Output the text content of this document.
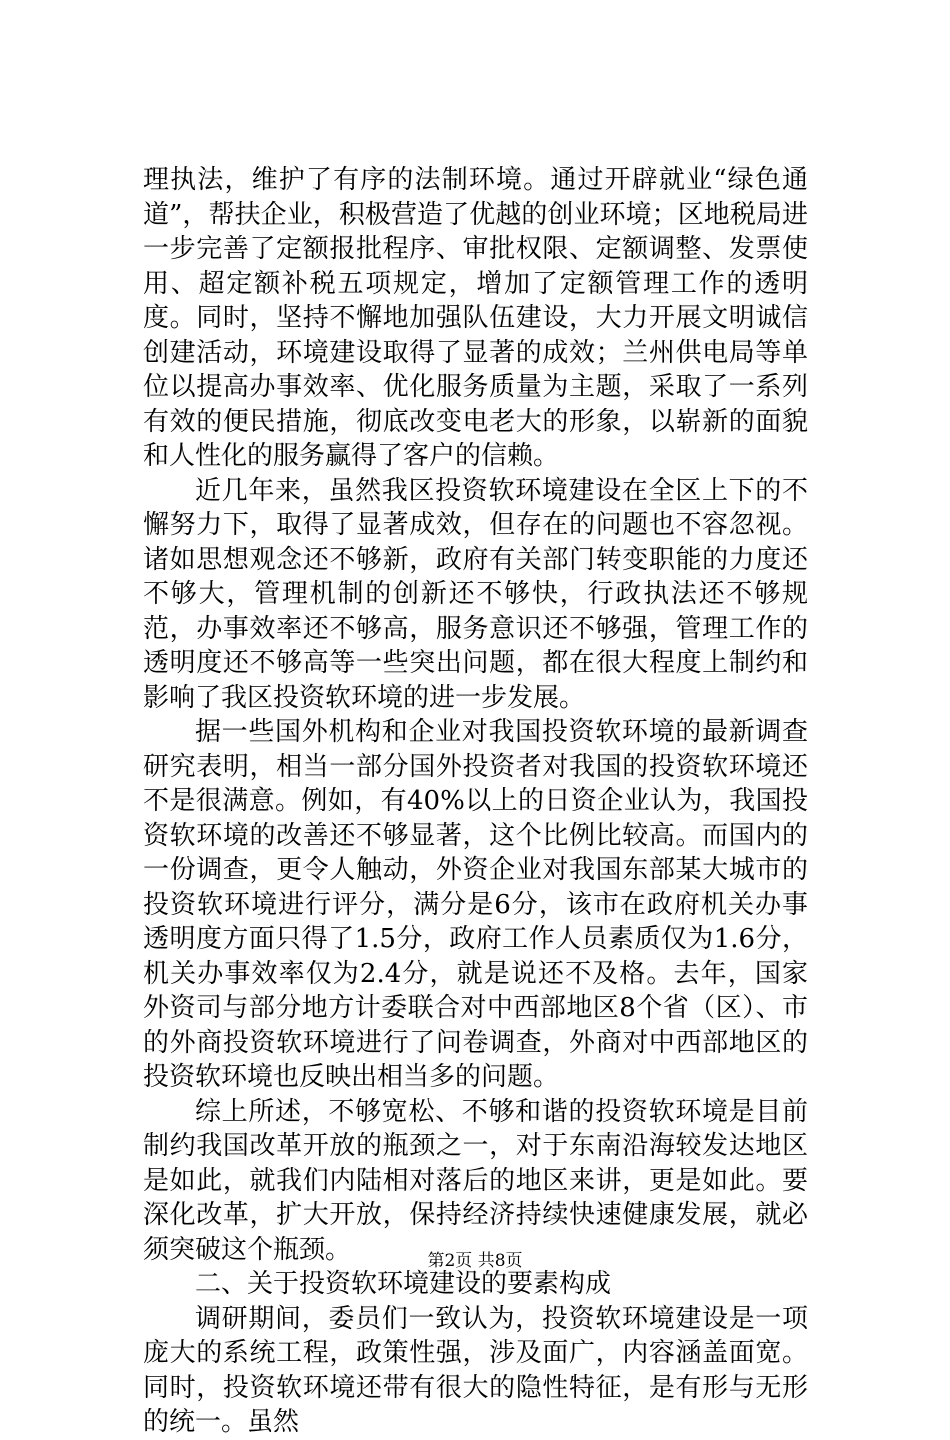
理执法，维护了有序的法制环境。通过开辟就业“绿色通道”，帮扶企业，积极营造了优越的创业环境；区地税局进一步完善了定额报批程序、审批权限、定额调整、发票使用、超定额补税五项规定，增加了定额管理工作的透明度。同时，坚持不懈地加强队伍建设，大力开展文明诚信创建活动，环境建设取得了显著的成效；兰州供电局等单位以提高办事效率、优化服务质量为主题，采取了一系列有效的便民措施，彻底改变电老大的形象，以崭新的面貌和人性化的服务赢得了客户的信赖。

近几年来，虽然我区投资软环境建设在全区上下的不懈努力下，取得了显著成效，但存在的问题也不容忽视。诸如思想观念还不够新，政府有关部门转变职能的力度还不够大，管理机制的创新还不够快，行政执法还不够规范，办事效率还不够高，服务意识还不够强，管理工作的透明度还不够高等一些突出问题，都在很大程度上制约和影响了我区投资软环境的进一步发展。

据一些国外机构和企业对我国投资软环境的最新调查研究表明，相当一部分国外投资者对我国的投资软环境还不是很满意。例如，有40%以上的日资企业认为，我国投资软环境的改善还不够显著，这个比例比较高。而国内的一份调查，更令人触动，外资企业对我国东部某大城市的投资软环境进行评分，满分是6分，该市在政府机关办事透明度方面只得了1.5分，政府工作人员素质仅为1.6分，机关办事效率仅为2.4分，就是说还不及格。去年，国家外资司与部分地方计委联合对中西部地区8个省（区）、市的外商投资软环境进行了问卷调查，外商对中西部地区的投资软环境也反映出相当多的问题。

综上所述，不够宽松、不够和谐的投资软环境是目前制约我国改革开放的瓶颈之一，对于东南沿海较发达地区是如此，就我们内陆相对落后的地区来讲，更是如此。要深化改革，扩大开放，保持经济持续快速健康发展，就必须突破这个瓶颈。

二、关于投资软环境建设的要素构成

调研期间，委员们一致认为，投资软环境建设是一项庞大的系统工程，政策性强，涉及面广，内容涵盖面宽。同时，投资软环境还带有很大的隐性特征，是有形与无形的统一。虽然

第2页 共8页
